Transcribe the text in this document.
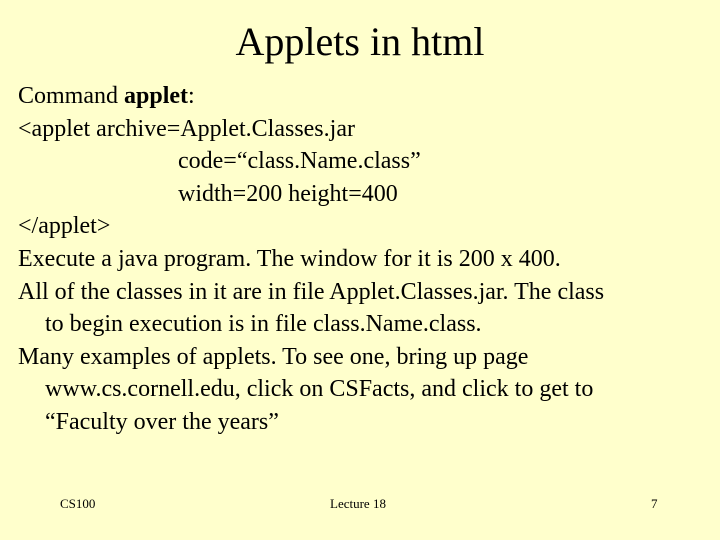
Applets in html
Command applet:
<applet archive=Applet.Classes.jar
code=“class.Name.class”
width=200 height=400
</applet>
Execute a java program. The window for it is 200 x 400.
All of the classes in it are in file Applet.Classes.jar. The class
to begin execution is in file class.Name.class.
Many examples of applets. To see one, bring up page
www.cs.cornell.edu, click on CSFacts, and click to get to
“Faculty over the years”
CS100	Lecture 18	7
